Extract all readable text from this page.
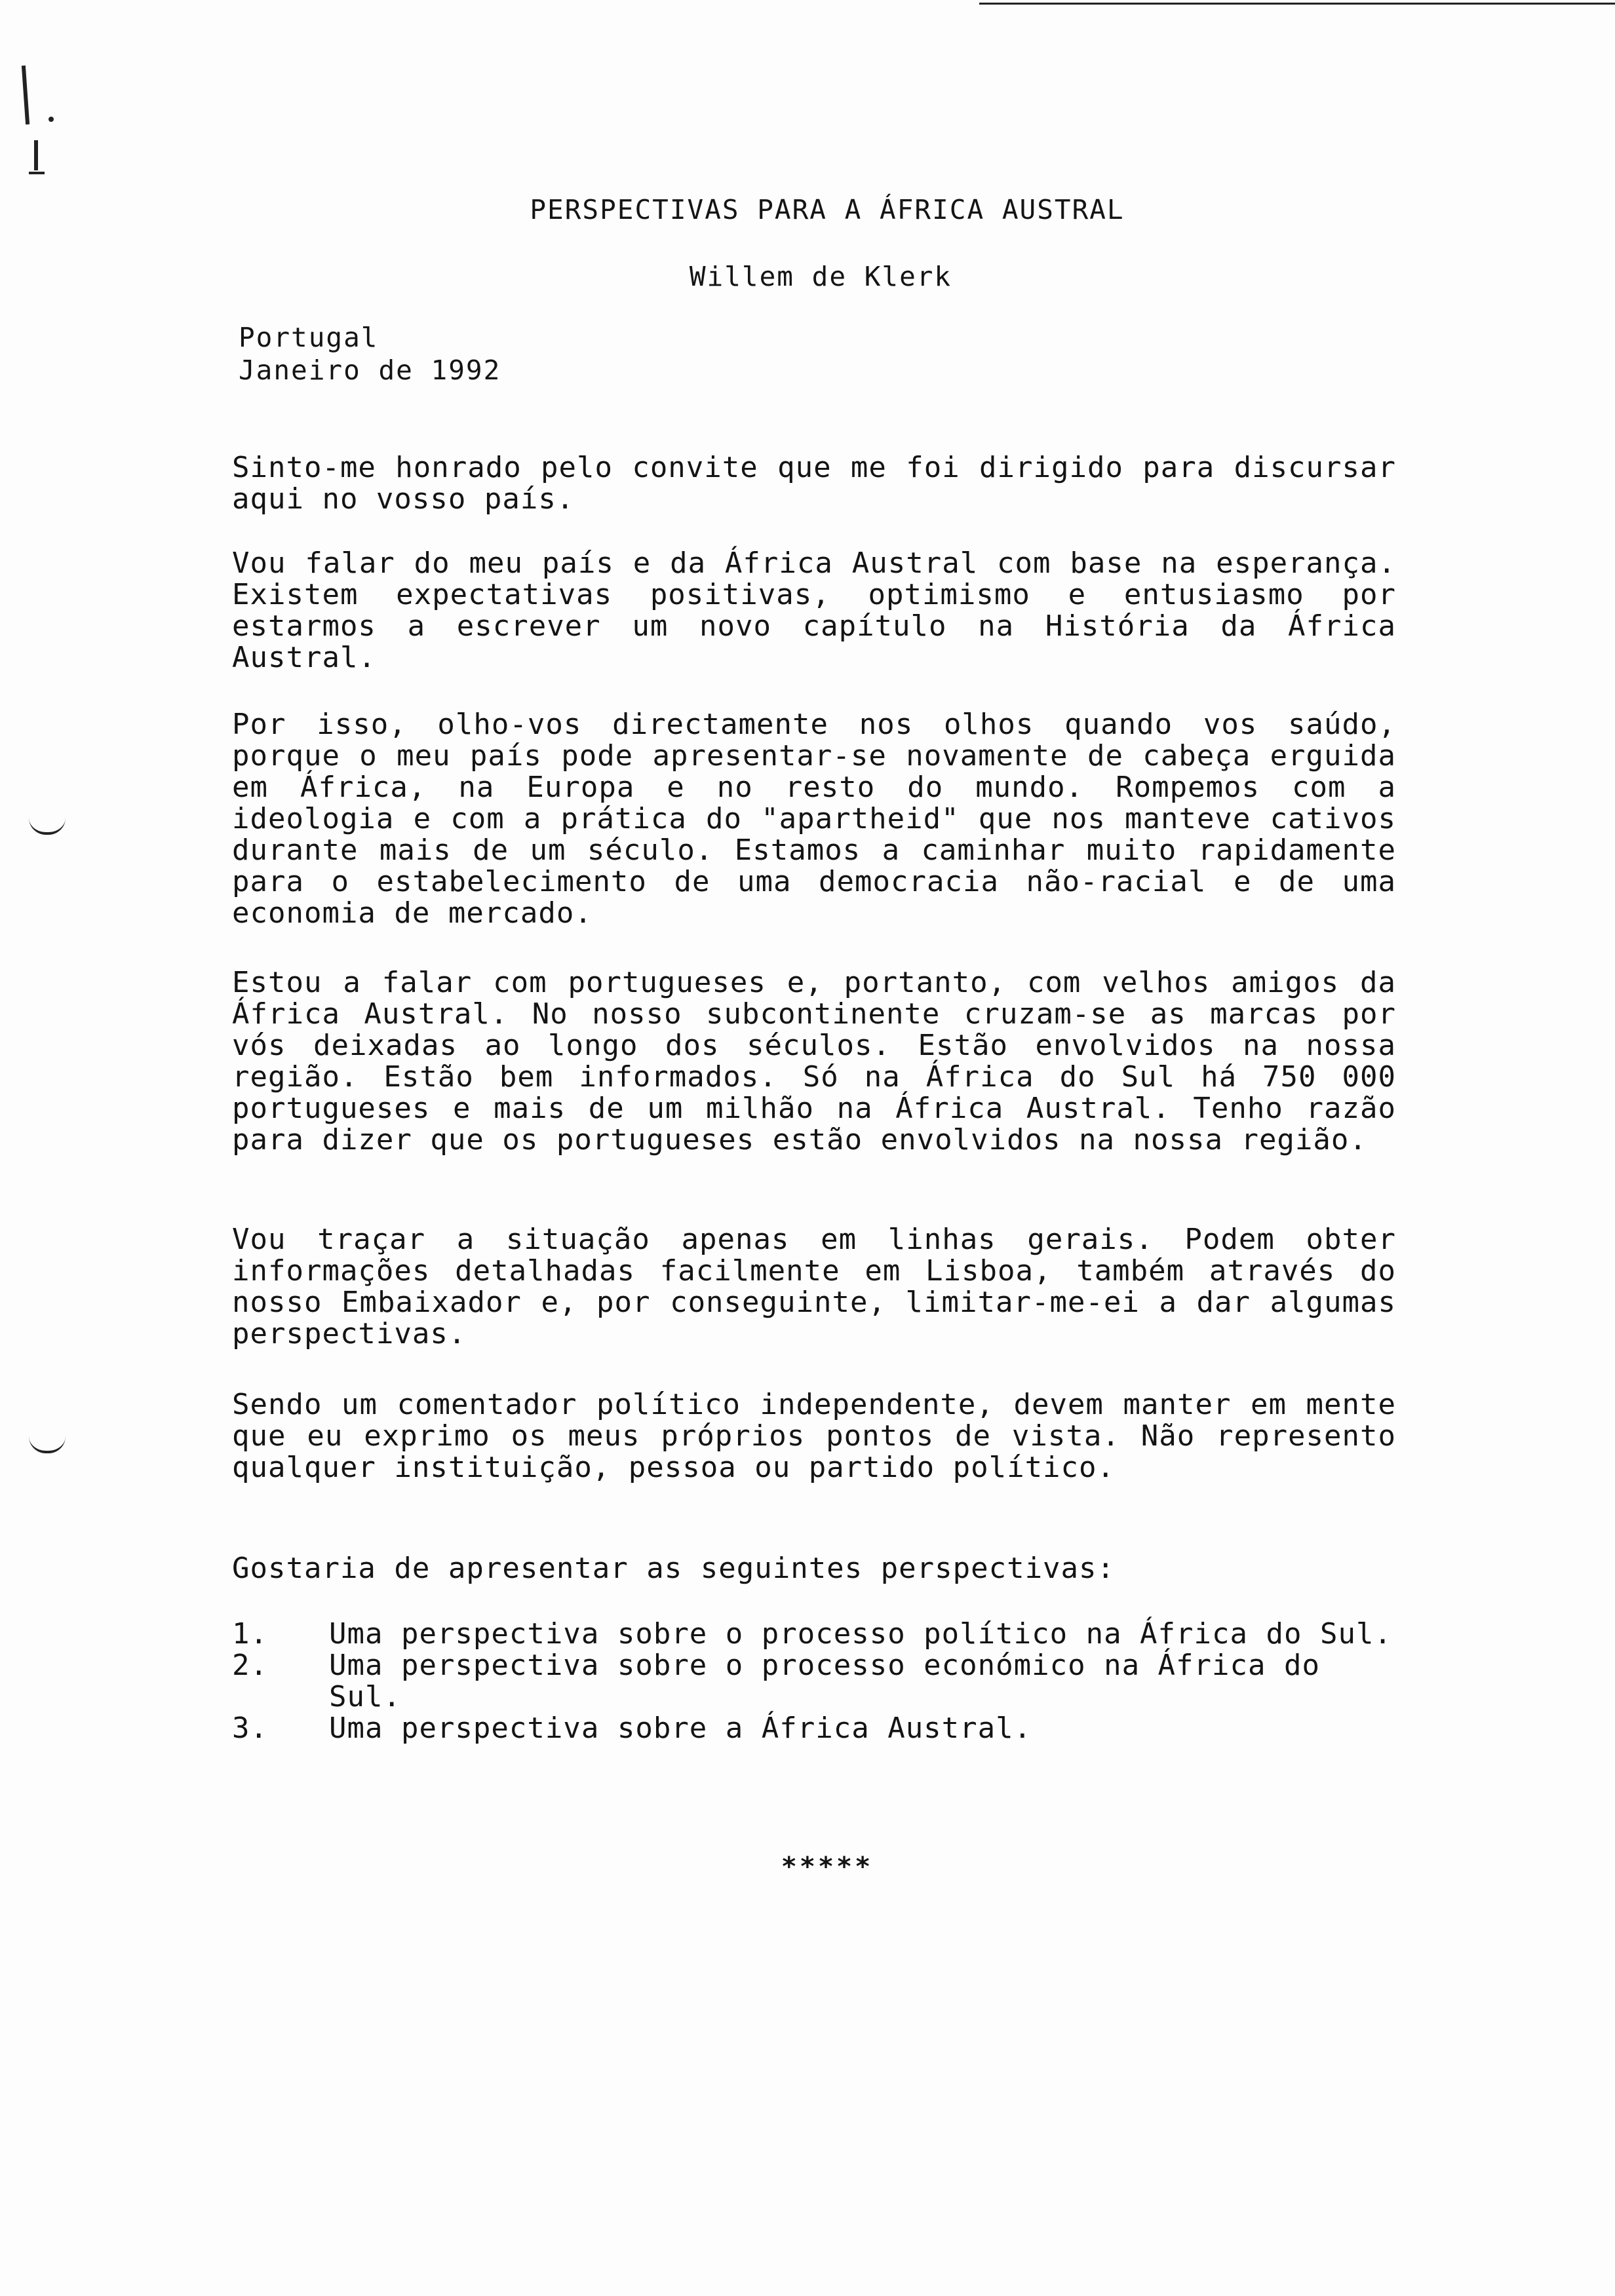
PERSPECTIVAS PARA A ÁFRICA AUSTRAL
Willem de Klerk
Portugal
Janeiro de 1992
Sinto-me honrado pelo convite que me foi dirigido para discursar aqui no vosso país.
Vou falar do meu país e da África Austral com base na esperança. Existem expectativas positivas, optimismo e entusiasmo por estarmos a escrever um novo capítulo na História da África Austral.
Por isso, olho-vos directamente nos olhos quando vos saúdo, porque o meu país pode apresentar-se novamente de cabeça erguida em África, na Europa e no resto do mundo. Rompemos com a ideologia e com a prática do "apartheid" que nos manteve cativos durante mais de um século. Estamos a caminhar muito rapidamente para o estabelecimento de uma democracia não-racial e de uma economia de mercado.
Estou a falar com portugueses e, portanto, com velhos amigos da África Austral. No nosso subcontinente cruzam-se as marcas por vós deixadas ao longo dos séculos. Estão envolvidos na nossa região. Estão bem informados. Só na África do Sul há 750 000 portugueses e mais de um milhão na África Austral. Tenho razão para dizer que os portugueses estão envolvidos na nossa região.
Vou traçar a situação apenas em linhas gerais. Podem obter informações detalhadas facilmente em Lisboa, também através do nosso Embaixador e, por conseguinte, limitar-me-ei a dar algumas perspectivas.
Sendo um comentador político independente, devem manter em mente que eu exprimo os meus próprios pontos de vista. Não represento qualquer instituição, pessoa ou partido político.
Gostaria de apresentar as seguintes perspectivas:
1.	Uma perspectiva sobre o processo político na África do Sul.
2.	Uma perspectiva sobre o processo económico na África do Sul.
3.	Uma perspectiva sobre a África Austral.
*****
